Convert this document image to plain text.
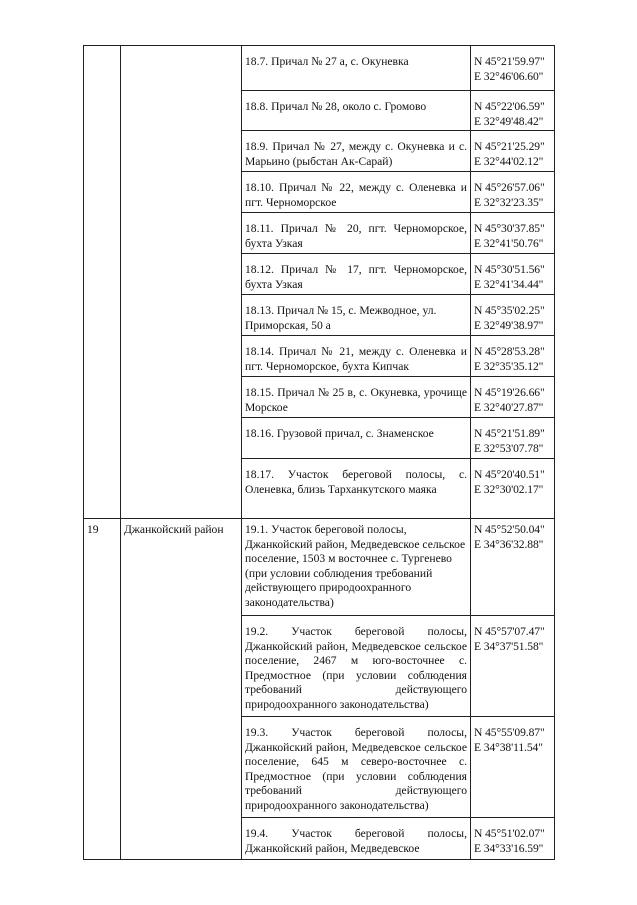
		18.7. Причал № 27 а, с. Окуневка	N 45°21'59.97"
E 32°46'06.60"

		18.8. Причал № 28, около с. Громово	N 45°22'06.59"
E 32°49'48.42"

		18.9. Причал № 27, между с. Окуневка и с. Марьино (рыбстан Ак-Сарай)	N 45°21'25.29"
E 32°44'02.12"

		18.10. Причал № 22, между с. Оленевка и пгт. Черноморское	N 45°26'57.06"
E 32°32'23.35"

		18.11. Причал № 20, пгт. Черноморское, бухта Узкая	N 45°30'37.85"
E 32°41'50.76"

		18.12. Причал № 17, пгт. Черноморское, бухта Узкая	N 45°30'51.56"
E 32°41'34.44"

		18.13. Причал № 15, с. Межводное, ул. Приморская, 50 а	N 45°35'02.25"
E 32°49'38.97"

		18.14. Причал № 21, между с. Оленевка и пгт. Черноморское, бухта Кипчак	N 45°28'53.28"
E 32°35'35.12"

		18.15. Причал № 25 в, с. Окуневка, урочище Морское	N 45°19'26.66"
E 32°40'27.87"

		18.16. Грузовой причал, с. Знаменское	N 45°21'51.89"
E 32°53'07.78"

		18.17. Участок береговой полосы, с. Оленевка, близь Тарханкутского маяка	N 45°20'40.51"
E 32°30'02.17"

19	Джанкойский район	19.1. Участок береговой полосы, Джанкойский район, Медведевское сельское поселение, 1503 м восточнее с. Тургенево (при условии соблюдения требований действующего природоохранного законодательства)	N 45°52'50.04"
E 34°36'32.88"

		19.2. Участок береговой полосы, Джанкойский район, Медведевское сельское поселение, 2467 м юго-восточнее с. Предмостное (при условии соблюдения требований действующего природоохранного законодательства)	N 45°57'07.47"
E 34°37'51.58"

		19.3. Участок береговой полосы, Джанкойский район, Медведевское сельское поселение, 645 м северо-восточнее с. Предмостное (при условии соблюдения требований действующего природоохранного законодательства)	N 45°55'09.87"
E 34°38'11.54"

		19.4. Участок береговой полосы, Джанкойский район, Медведевское	N 45°51'02.07"
E 34°33'16.59"
